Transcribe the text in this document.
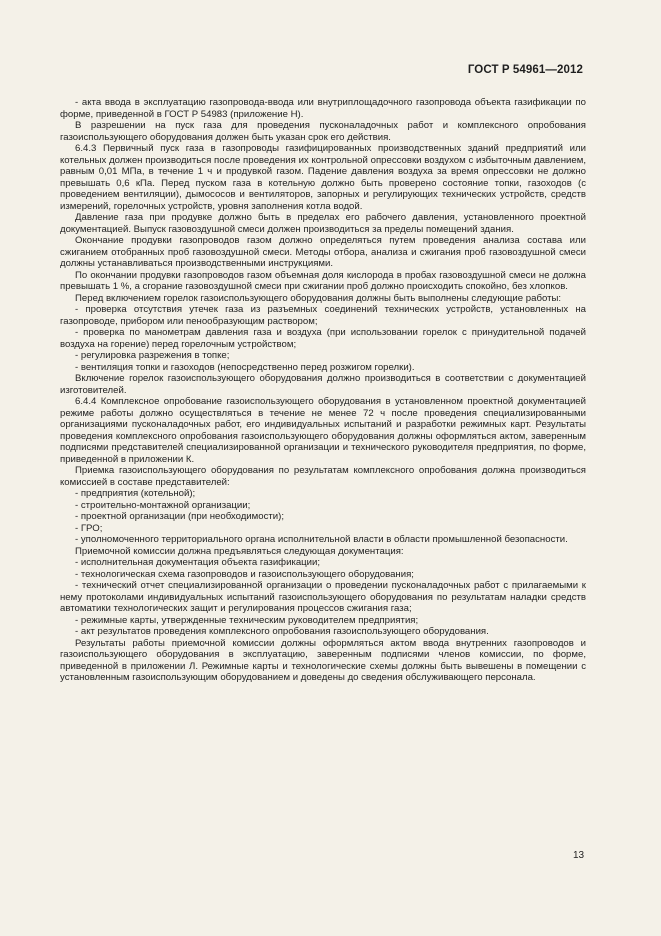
ГОСТ Р 54961—2012

- акта ввода в эксплуатацию газопровода-ввода или внутриплощадочного газопровода объекта газификации по форме, приведенной в ГОСТ Р 54983 (приложение Н).

В разрешении на пуск газа для проведения пусконаладочных работ и комплексного опробования газоиспользующего оборудования должен быть указан срок его действия.

6.4.3 Первичный пуск газа в газопроводы газифицированных производственных зданий предприятий или котельных должен производиться после проведения их контрольной опрессовки воздухом с избыточным давлением, равным 0,01 МПа, в течение 1 ч и продувкой газом. Падение давления воздуха за время опрессовки не должно превышать 0,6 кПа. Перед пуском газа в котельную должно быть проверено состояние топки, газоходов (с проведением вентиляции), дымососов и вентиляторов, запорных и регулирующих технических устройств, средств измерений, горелочных устройств, уровня заполнения котла водой.

Давление газа при продувке должно быть в пределах его рабочего давления, установленного проектной документацией. Выпуск газовоздушной смеси должен производиться за пределы помещений здания.

Окончание продувки газопроводов газом должно определяться путем проведения анализа состава или сжиганием отобранных проб газовоздушной смеси. Методы отбора, анализа и сжигания проб газовоздушной смеси должны устанавливаться производственными инструкциями.

По окончании продувки газопроводов газом объемная доля кислорода в пробах газовоздушной смеси не должна превышать 1 %, а сгорание газовоздушной смеси при сжигании проб должно происходить спокойно, без хлопков.

Перед включением горелок газоиспользующего оборудования должны быть выполнены следующие работы:

- проверка отсутствия утечек газа из разъемных соединений технических устройств, установленных на газопроводе, прибором или пенообразующим раствором;

- проверка по манометрам давления газа и воздуха (при использовании горелок с принудительной подачей воздуха на горение) перед горелочным устройством;

- регулировка разрежения в топке;

- вентиляция топки и газоходов (непосредственно перед розжигом горелки).

Включение горелок газоиспользующего оборудования должно производиться в соответствии с документацией изготовителей.

6.4.4 Комплексное опробование газоиспользующего оборудования в установленном проектной документацией режиме работы должно осуществляться в течение не менее 72 ч после проведения специализированными организациями пусконаладочных работ, его индивидуальных испытаний и разработки режимных карт. Результаты проведения комплексного опробования газоиспользующего оборудования должны оформляться актом, заверенным подписями представителей специализированной организации и технического руководителя предприятия, по форме, приведенной в приложении К.

Приемка газоиспользующего оборудования по результатам комплексного опробования должна производиться комиссией в составе представителей:

- предприятия (котельной);

- строительно-монтажной организации;

- проектной организации (при необходимости);

- ГРО;

- уполномоченного территориального органа исполнительной власти в области промышленной безопасности.

Приемочной комиссии должна предъявляться следующая документация:

- исполнительная документация объекта газификации;

- технологическая схема газопроводов и газоиспользующего оборудования;

- технический отчет специализированной организации о проведении пусконаладочных работ с прилагаемыми к нему протоколами индивидуальных испытаний газоиспользующего оборудования по результатам наладки средств автоматики технологических защит и регулирования процессов сжигания газа;

- режимные карты, утвержденные техническим руководителем предприятия;

- акт результатов проведения комплексного опробования газоиспользующего оборудования.

Результаты работы приемочной комиссии должны оформляться актом ввода внутренних газопроводов и газоиспользующего оборудования в эксплуатацию, заверенным подписями членов комиссии, по форме, приведенной в приложении Л. Режимные карты и технологические схемы должны быть вывешены в помещении с установленным газоиспользующим оборудованием и доведены до сведения обслуживающего персонала.

13
